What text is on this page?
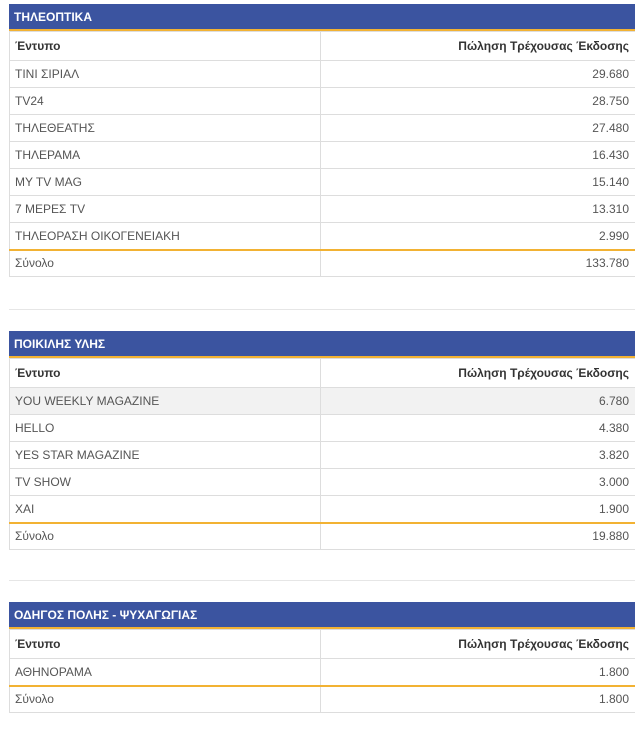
ΤΗΛΕΟΠΤΙΚΑ
Έντυπο	Πώληση Τρέχουσας Έκδοσης
ΤΙΝΙ ΣΙΡΙΑΛ	29.680
TV24	28.750
ΤΗΛΕΘΕΑΤΗΣ	27.480
ΤΗΛΕΡΑΜΑ	16.430
MY TV MAG	15.140
7 ΜΕΡΕΣ TV	13.310
ΤΗΛΕΟΡΑΣΗ ΟΙΚΟΓΕΝΕΙΑΚΗ	2.990
Σύνολο	133.780
ΠΟΙΚΙΛΗΣ ΥΛΗΣ
Έντυπο	Πώληση Τρέχουσας Έκδοσης
YOU WEEKLY MAGAZINE	6.780
HELLO	4.380
YES STAR MAGAZINE	3.820
TV SHOW	3.000
ΧΑΙ	1.900
Σύνολο	19.880
ΟΔΗΓΟΣ ΠΟΛΗΣ - ΨΥΧΑΓΩΓΙΑΣ
Έντυπο	Πώληση Τρέχουσας Έκδοσης
ΑΘΗΝΟΡΑΜΑ	1.800
Σύνολο	1.800
